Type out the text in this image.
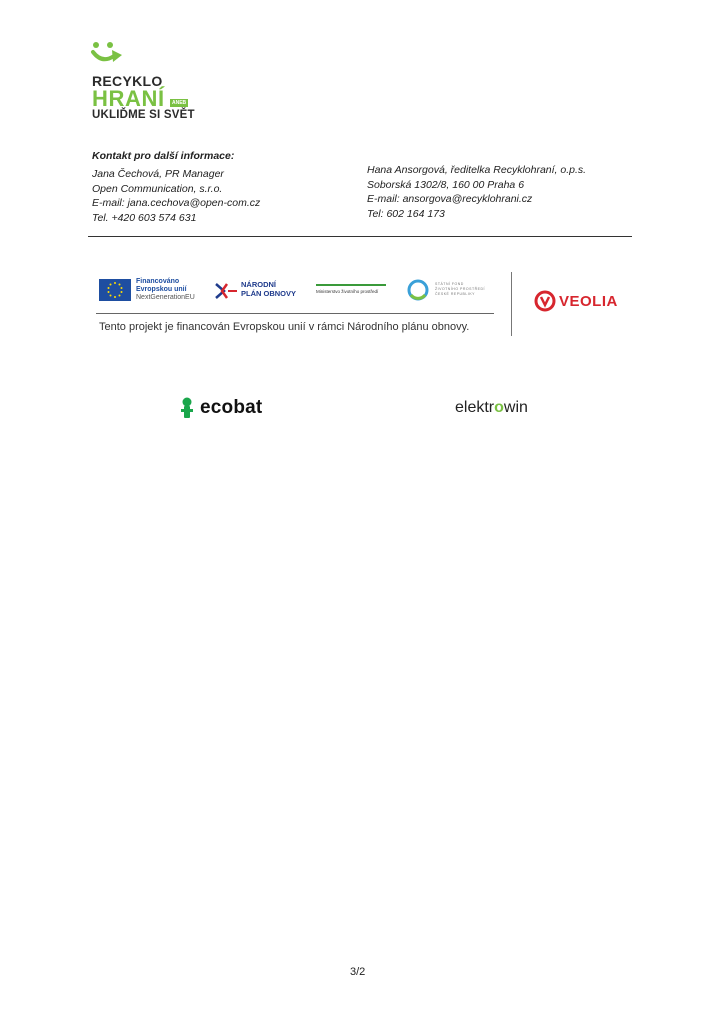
RECYKLO
HRANÍ	ANEB
UKLIĎME SI SVĚT
Kontakt pro další informace:
Jana Čechová, PR Manager
Open Communication, s.r.o.
E-mail: jana.cechova@open-com.cz
Tel. +420 603 574 631
Hana Ansorgová, ředitelka Recyklohraní, o.p.s.
Soborská 1302/8, 160 00 Praha 6
E-mail: ansorgova@recyklohrani.cz
Tel: 602 164 173
Financováno
Evropskou unií
NextGenerationEU
NÁRODNÍ
PLÁN OBNOVY	Ministerstvo životního prostředí
STÁTNÍ FOND
ŽIVOTNÍHO PROSTŘEDÍ
ČESKÉ REPUBLIKY
Tento projekt je financován Evropskou unií v rámci Národního plánu obnovy.
VEOLIA
ecobat	elektrowin
3/2
